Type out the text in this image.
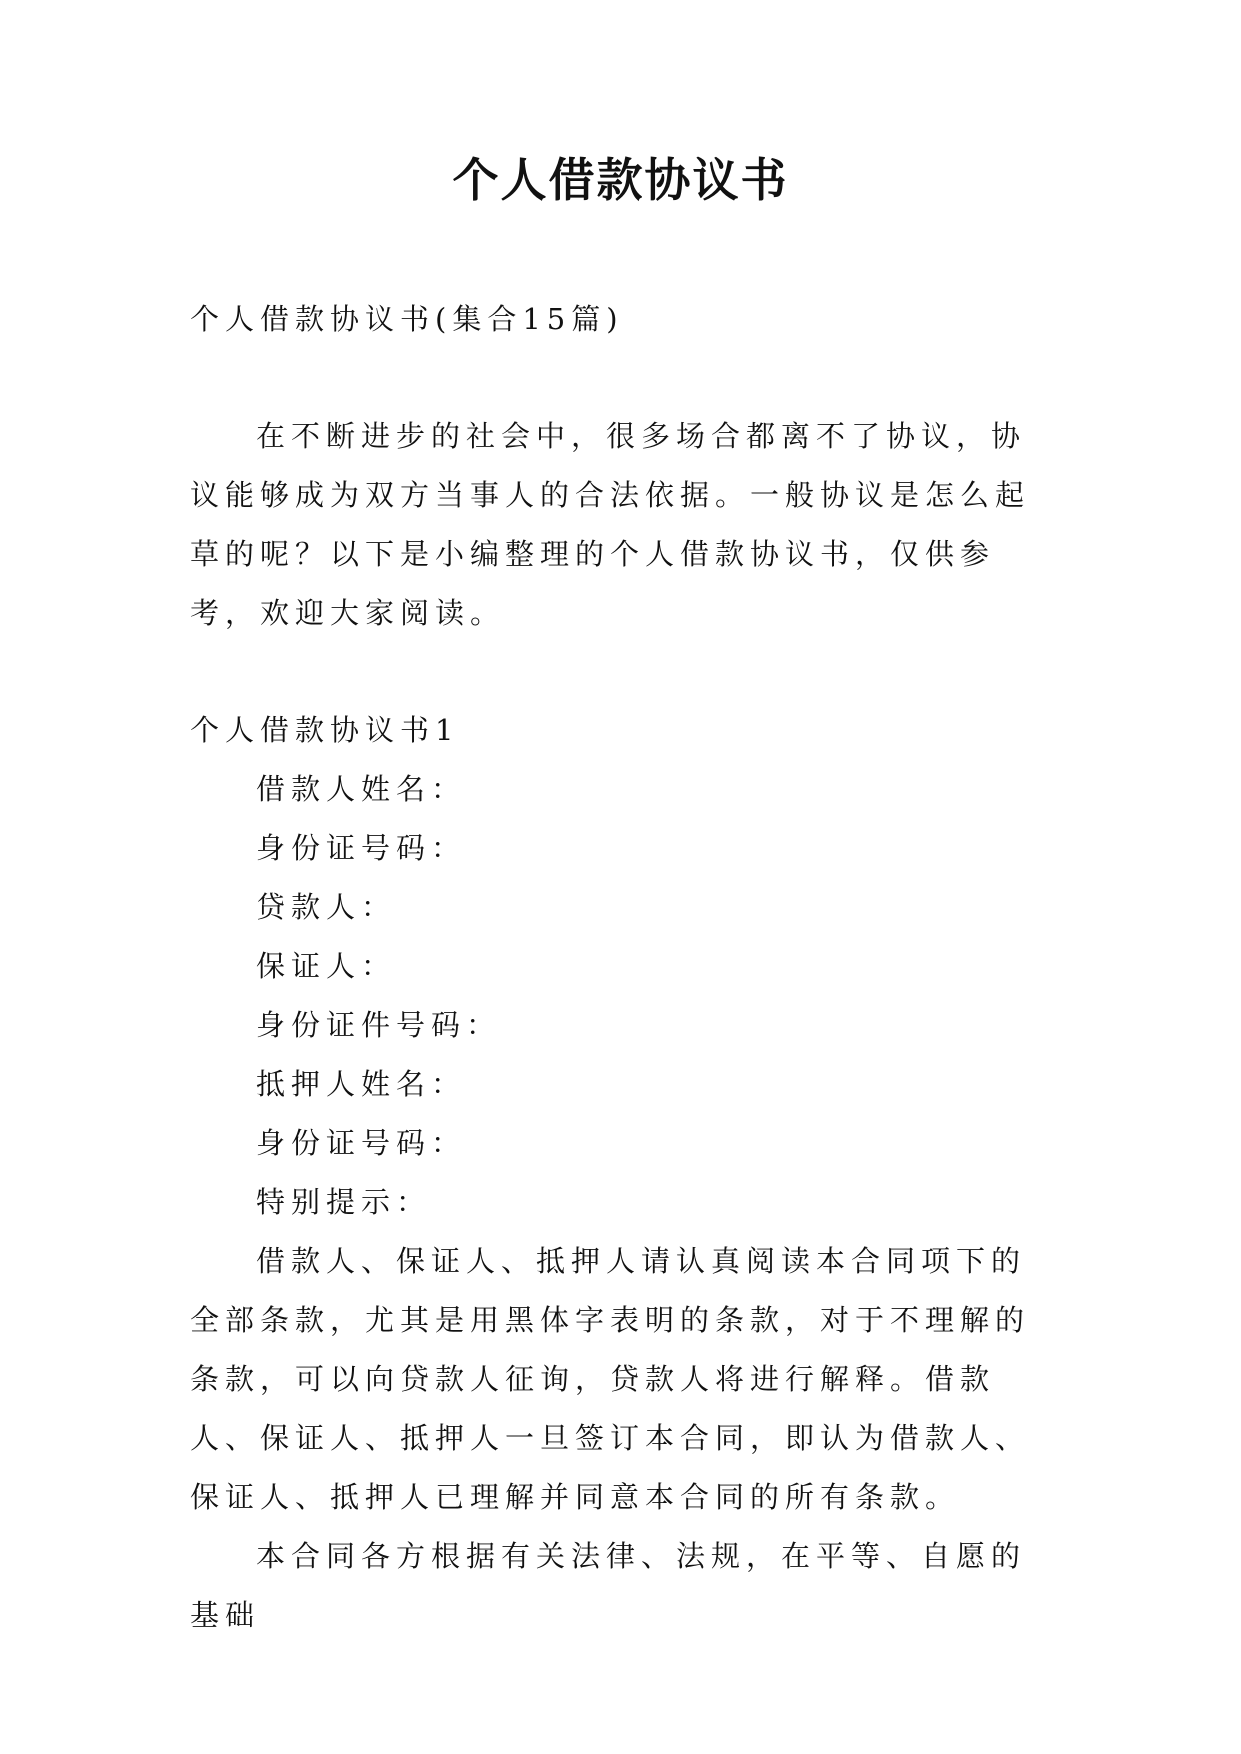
个人借款协议书

个人借款协议书(集合15篇)

在不断进步的社会中，很多场合都离不了协议，协议能够成为双方当事人的合法依据。一般协议是怎么起草的呢？以下是小编整理的个人借款协议书，仅供参考，欢迎大家阅读。

个人借款协议书1

借款人姓名：

身份证号码：

贷款人：

保证人：

身份证件号码：

抵押人姓名：

身份证号码：

特别提示：

借款人、保证人、抵押人请认真阅读本合同项下的全部条款，尤其是用黑体字表明的条款，对于不理解的条款，可以向贷款人征询，贷款人将进行解释。借款人、保证人、抵押人一旦签订本合同，即认为借款人、保证人、抵押人已理解并同意本合同的所有条款。

本合同各方根据有关法律、法规，在平等、自愿的基础
